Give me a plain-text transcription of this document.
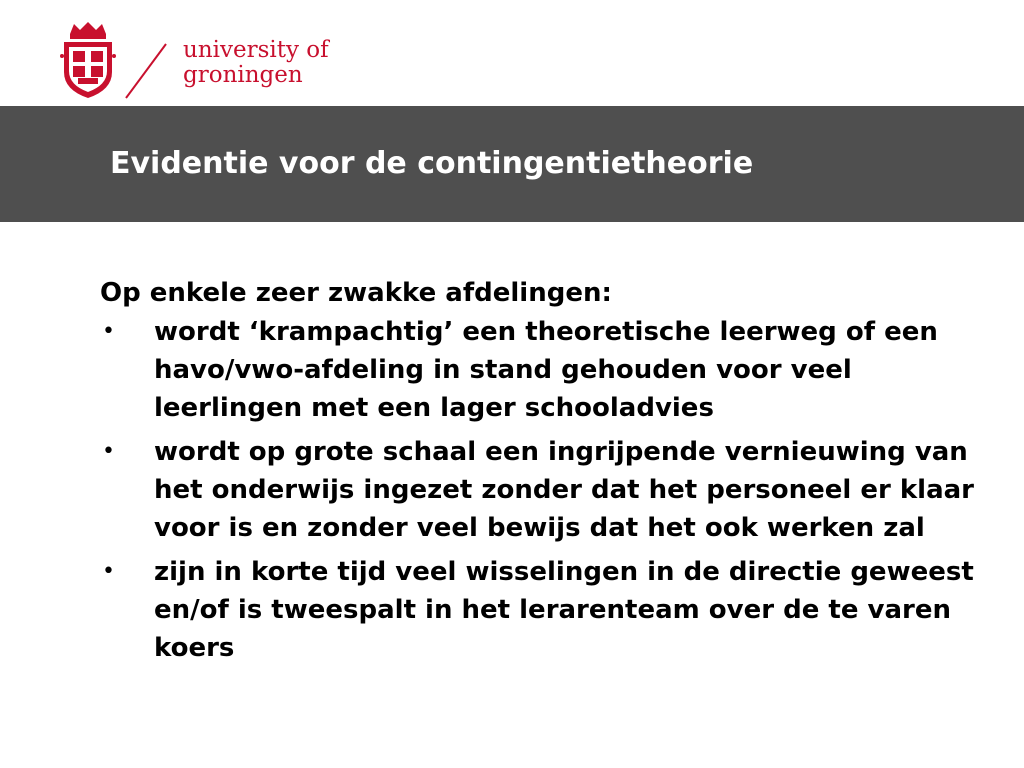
university of
groningen
Evidentie voor de contingentietheorie

Op enkele zeer zwakke afdelingen:

• wordt ‘krampachtig’ een theoretische leerweg of een havo/vwo-afdeling in stand gehouden voor veel leerlingen met een lager schooladvies
• wordt op grote schaal een ingrijpende vernieuwing van het onderwijs ingezet zonder dat het personeel er klaar voor is en zonder veel bewijs dat het ook werken zal
• zijn in korte tijd veel wisselingen in de directie geweest en/of is tweespalt in het lerarenteam over de te varen koers
